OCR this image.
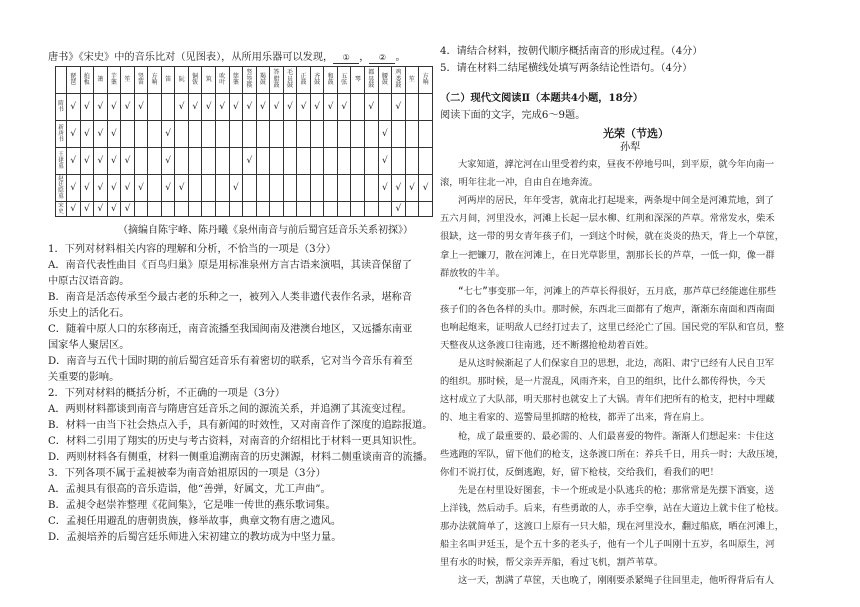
唐书》《宋史》中的音乐比对（见图表），从所用乐器可以发现， ① ， ② 。
	琵琶	拍板	箫	芋篥	笙	竖笛	方响	笛	阮	铜钹	筑	吹叶	筚篥	竖箜篌	羯鼓	答腊鼓	毛员鼓	正鼓	齐鼓	和鼓	五弦	琴	都昙鼓	腰鼓	鸡娄鼓	笙	方响
隋书	√	√	√	√	√	√			√	√	√	√	√	√	√	√	√	√	√	√	√		√		√		
新唐书	√	√	√	√				√																√			
王建墓	√	√	√	√	√			√						√										√			
赵廷隐墓	√	√	√	√	√	√		√	√				√											√	√	√	√
宋史	√	√	√	√	√																				√		
（摘编自陈宇峰、陈丹曦《泉州南音与前后蜀宫廷音乐关系初探》）
1．下列对材料相关内容的理解和分析，不恰当的一项是（3分）
A．南音代表性曲目《百鸟归巢》原是用标准泉州方言古语来演唱，其读音保留了
中原古汉语音韵。
B．南音是活态传承至今最古老的乐种之一，被列入人类非遗代表作名录，堪称音
乐史上的活化石。
C．随着中原人口的东移南迁，南音流播至我国闽南及港澳台地区，又远播东南亚
国家华人聚居区。
D．南音与五代十国时期的前后蜀宫廷音乐有着密切的联系，它对当今音乐有着至
关重要的影响。
2．下列对材料的概括分析，不正确的一项是（3分）
A．两则材料都谈到南音与隋唐宫廷音乐之间的源流关系，并追溯了其流变过程。
B．材料一由当下社会热点入手，具有新闻的时效性，又对南音作了深度的追踪报道。
C．材料二引用了翔实的历史与考古资料，对南音的介绍相比于材料一更具知识性。
D．两则材料各有侧重，材料一侧重追溯南音的历史渊源，材料二侧重谈南音的流播。
3．下列各项不属于孟昶被奉为南音始祖原因的一项是（3分）
A．孟昶具有很高的音乐造诣，他“善弹，好属文，尤工声曲”。
B．孟昶令赵崇祚整理《花间集》，它是唯一传世的燕乐歌词集。
C．孟昶任用避乱的唐朝贵族，修举故事，典章文物有唐之遗风。
D．孟昶培养的后蜀宫廷乐师进入宋初建立的教坊成为中坚力量。
4．请结合材料，按朝代顺序概括南音的形成过程。（4分）
5．请在材料二结尾横线处填写两条结论性语句。（4分）
（二）现代文阅读Ⅱ（本题共4小题，18分）
阅读下面的文字，完成6～9题。
光荣（节选）
孙犁
大家知道，滹沱河在山里受着约束，昼夜不停地号叫，到平原，就今年向南一
滚，明年往北一冲，自由自在地奔流。
河两岸的居民，年年受害，就南北打起堤来，两条堤中间全是河滩荒地，到了
五六月间，河里没水，河滩上长起一层水柳、红荆和深深的芦草。常常发水，柴禾
很缺，这一带的男女青年孩子们，一到这个时候，就在炎炎的热天，背上一个草筐，
拿上一把镰刀，散在河滩上，在日光草影里，割那长长的芦草，一低一仰，像一群
群放牧的牛羊。
“七七”事变那一年，河滩上的芦草长得很好，五月底，那芦草已经能遮住那些
孩子们的各色各样的头巾。那时候，东西北三面都有了炮声，渐渐东南面和西南面
也响起炮来，证明敌人已经打过去了，这里已经沦亡了国。国民党的军队和官员，整
天整夜从这条渡口往南逃，还不断撂抢枪劫着百姓。
是从这时候渐起了人们保家自卫的思想，北边，高阳、肃宁已经有人民自卫军
的组织。那时候，是一片混乱，风雨齐来，自卫的组织，比什么都传得快，今天
这村成立了大队部，明天那村也就安上了大锅。青年们把所有的枪支，把村中埋藏
的、地主看家的、巡警局里抓瞎的枪枝，都弄了出来，背在肩上。
枪，成了最重要的、最必需的、人们最喜爱的物件。渐渐人们想起来：卡住这
些逃跑的军队，留下他们的枪支，这条渡口所在：养兵千日，用兵一时；大敌压境，
你们不说打仗，反倒逃跑，好，留下枪枝，交给我们，看我们的吧！
先是在村里设好图套，卡一个班或是小队逃兵的枪；那常常是先摆下酒宴，送
上洋钱，然后动手。后来，有些勇敢的人，赤手空拳，站在大道边上就卡住了枪枝。
那办法就简单了，这渡口上原有一只大船，现在河里没水，翻过船底，晒在河滩上，
船主名叫尹廷玉，是个五十多的老头子，他有一个儿子叫刚十五岁，名叫原生，河
里有水的时候，帮父亲弄弄船，看过飞机，割芦苇草。
这一天，割满了草筐，天也晚了，刚刚要杀紧绳子往回里走，他听得背后有人
